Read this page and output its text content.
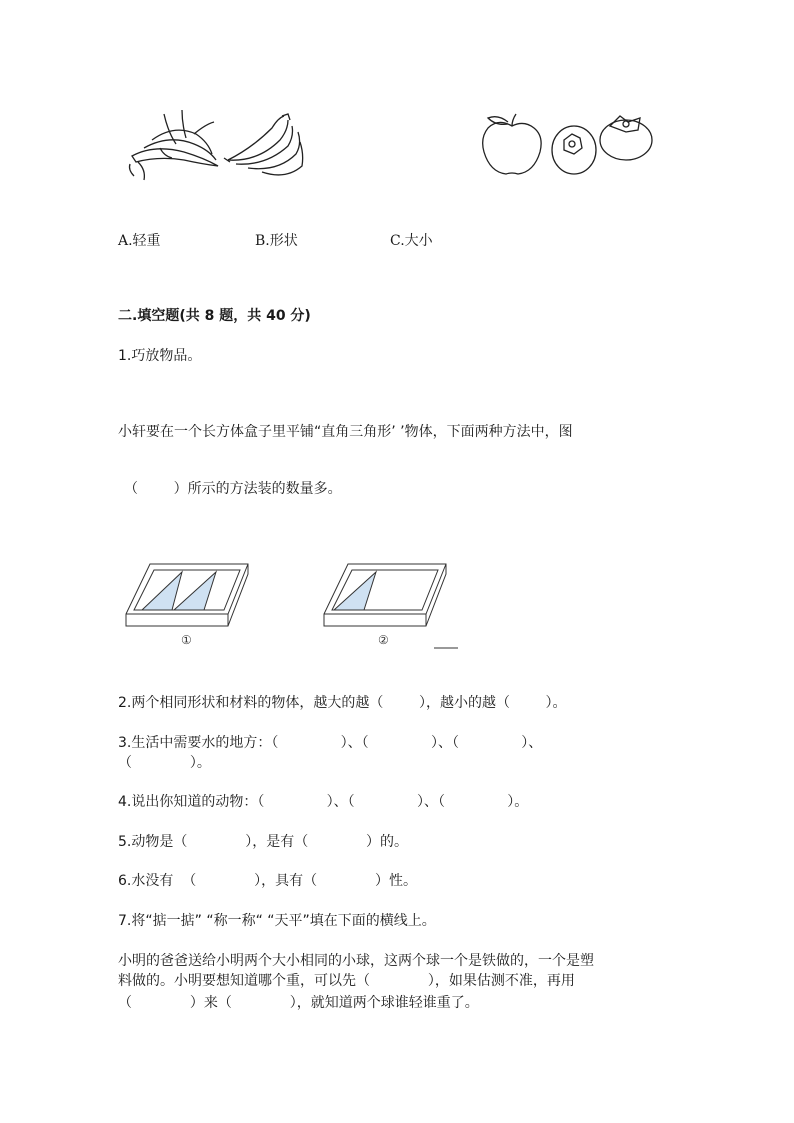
A.轻重	B.形状	C.大小
二.填空题(共 8 题，共 40 分)
1.巧放物品。
小轩要在一个长方体盒子里平铺“直角三角形’ ’物体，下面两种方法中，图
（        ）所示的方法装的数量多。
①	②
2.两个相同形状和材料的物体，越大的越（        ），越小的越（        ）。
3.生活中需要水的地方：（              ）、（              ）、（              ）、
（             ）。
4.说出你知道的动物：（              ）、（              ）、（              ）。
5.动物是（             ），是有（             ）的。
6.水没有  （             ），具有（             ）性。
7.将“掂一掂” “称一称“ “天平”填在下面的横线上。
小明的爸爸送给小明两个大小相同的小球，这两个球一个是铁做的，一个是塑
料做的。小明要想知道哪个重，可以先（             ），如果估测不准，再用
（             ）来（             ），就知道两个球谁轻谁重了。
